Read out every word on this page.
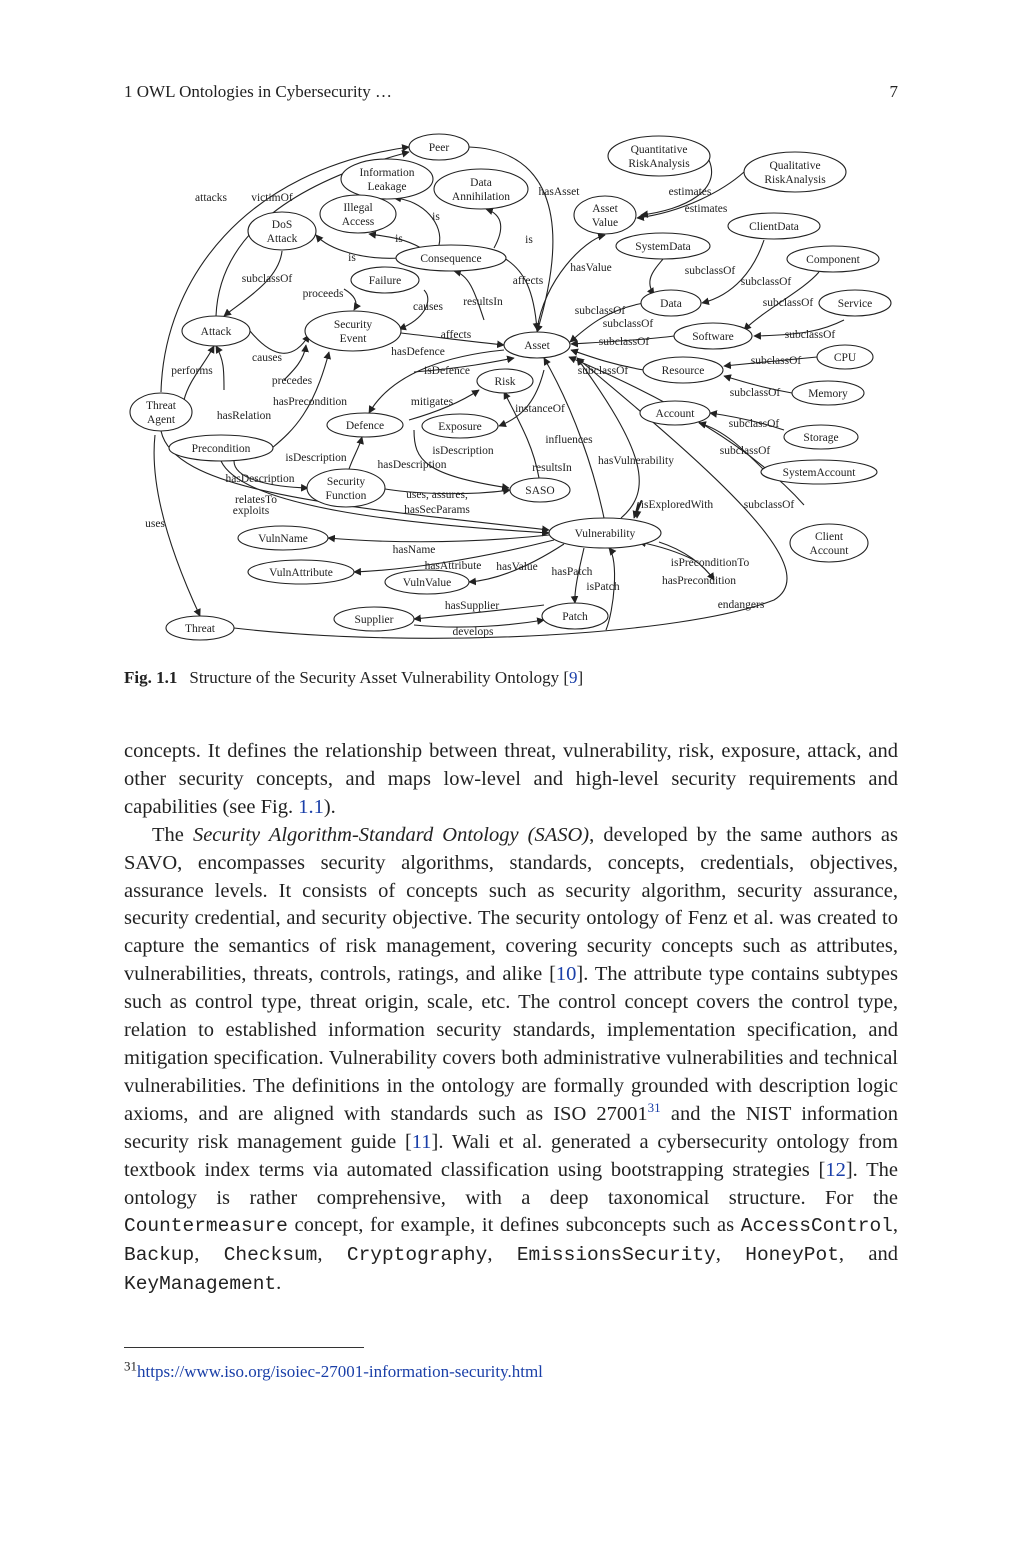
1 OWL Ontologies in Cybersecurity …	7
Peer
Information
Leakage	Data
Annihilation
Quantitative
RiskAnalysis	Qualitative
RiskAnalysis
Illegal
Access
Asset
Value	ClientData
DoS
Attack
SystemData
Consequence	Component
Failure
Data	Service
Attack
Security
Event	Software
Asset
CPU
Risk
Resource
Memory
Threat
Agent	Account
Defence	Exposure
Storage
Precondition
SystemAccount
Security
Function	SASO
Vulnerability	Client
Account
VulnName
VulnAttribute
VulnValue
Supplier	Patch
Threat
attacks victimOf	hasAsset	estimates
estimates
is
is	is
is
hasValue	subclassOf
subclassOf
subclassOf	affects
proceeds
causes resultsIn
subclassOf
subclassOf
subclassOf
affects
subclassOf
subclassOf
hasDefence
causes	subclassOf
performs	isDefence	subclassOf
precedes
subclassOf
hasPrecondition	mitigates
instanceOf
hasRelation
subclassOf
influences
isDescription
isDescription	subclassOf
hasDescription	hasVulnerability
resultsIn
hasDescription
uses, assures,
hasSecParams
relatesTo
exploits	isExploredWith	subclassOf
uses
hasName
hasAttribute hasValue hasPatch
isPreconditionTo
isPatch	hasPrecondition
hasSupplier	endangers
develops
Fig. 1.1 Structure of the Security Asset Vulnerability Ontology [9]

concepts. It defines the relationship between threat, vulnerability, risk, exposure, attack, and other security concepts, and maps low-level and high-level security requirements and capabilities (see Fig. 1.1).

The Security Algorithm-Standard Ontology (SASO), developed by the same authors as SAVO, encompasses security algorithms, standards, concepts, credentials, objectives, assurance levels. It consists of concepts such as security algorithm, security assurance, security credential, and security objective. The security ontology of Fenz et al. was created to capture the semantics of risk management, covering security concepts such as attributes, vulnerabilities, threats, controls, ratings, and alike [10]. The attribute type contains subtypes such as control type, threat origin, scale, etc. The control concept covers the control type, relation to established information security standards, implementation specification, and mitigation specification. Vulnerability covers both administrative vulnerabilities and technical vulnerabilities. The definitions in the ontology are formally grounded with description logic axioms, and are aligned with standards such as ISO 27001$^{31}$ and the NIST information security risk management guide [11]. Wali et al. generated a cybersecurity ontology from textbook index terms via automated classification using bootstrapping strategies [12]. The ontology is rather comprehensive, with a deep taxonomical structure. For the Countermeasure concept, for example, it defines subconcepts such as AccessControl, Backup, Checksum, Cryptography, EmissionsSecurity, HoneyPot, and KeyManagement.

$^{31}$https://www.iso.org/isoiec-27001-information-security.html
